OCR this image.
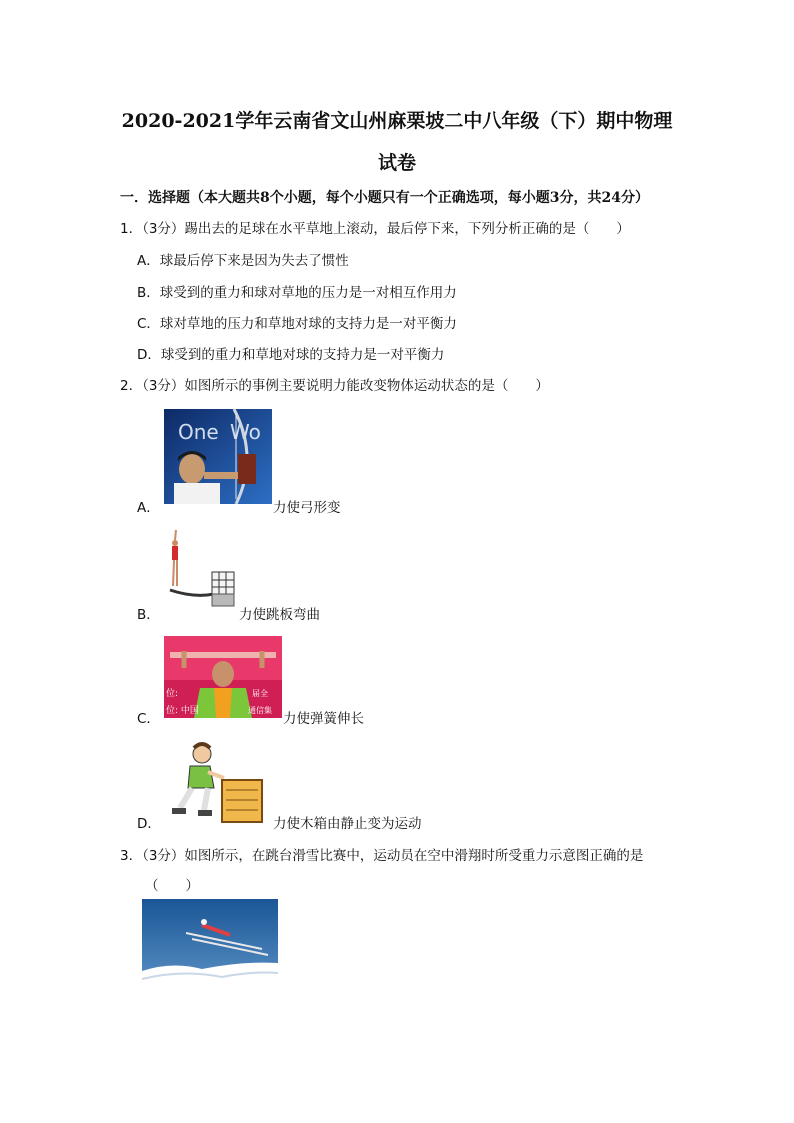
2020-2021学年云南省文山州麻栗坡二中八年级（下）期中物理
试卷
一．选择题（本大题共8个小题，每个小题只有一个正确选项，每小题3分，共24分）
1．（3分）踢出去的足球在水平草地上滚动，最后停下来，下列分析正确的是（　　）
A．球最后停下来是因为失去了惯性
B．球受到的重力和球对草地的压力是一对相互作用力
C．球对草地的压力和草地对球的支持力是一对平衡力
D．球受到的重力和草地对球的支持力是一对平衡力
2．（3分）如图所示的事例主要说明力能改变物体运动状态的是（　　）
A．
One Wo
力使弓形变
B．	力使跳板弯曲
C．
位:
位: 中国
届全
通信集
力使弹簧伸长
D．	力使木箱由静止变为运动
3．（3分）如图所示，在跳台滑雪比赛中，运动员在空中滑翔时所受重力示意图正确的是
（　　）
